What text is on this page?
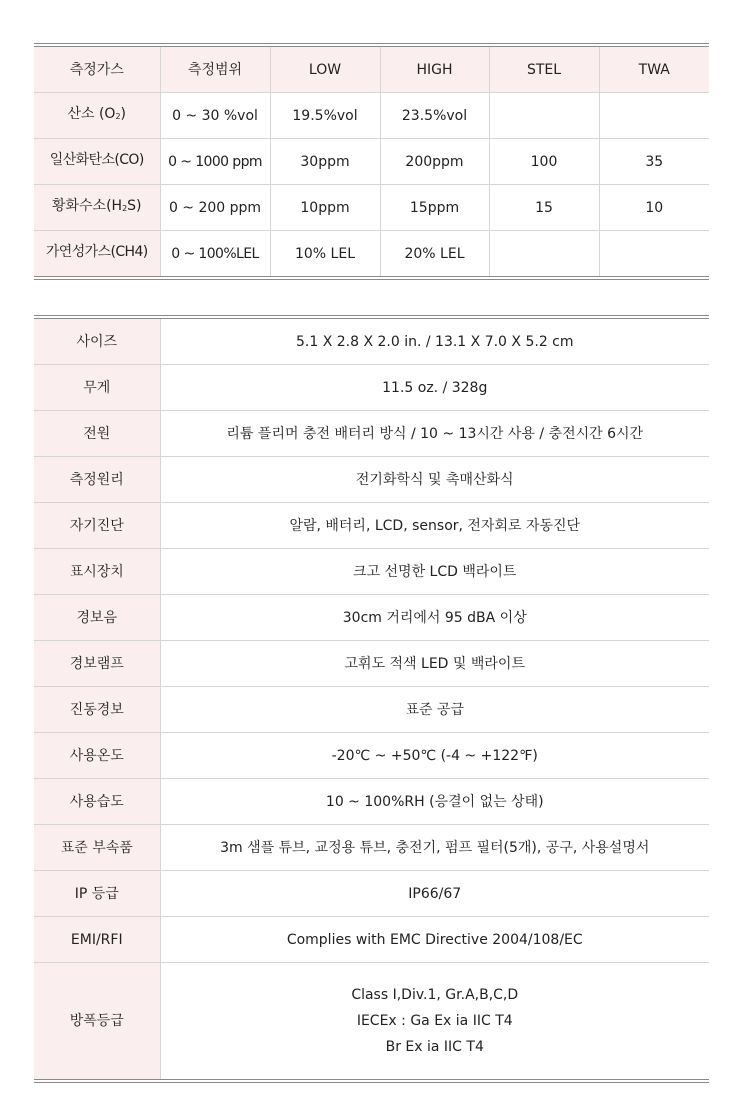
측정가스	측정범위	LOW	HIGH	STEL	TWA
산소 $(O_2)$	0 ~ 30 %vol	19.5%vol	23.5%vol		
일산화탄소(CO)	0 ~ 1000 ppm	30ppm	200ppm	100	35
황화수소$(H_2S)$	0 ~ 200 ppm	10ppm	15ppm	15	10
가연성가스(CH4)	0 ~ 100%LEL	10% LEL	20% LEL		
사이즈	5.1 X 2.8 X 2.0 in. / 13.1 X 7.0 X 5.2 cm
무게	11.5 oz. / 328g
전원	리튬 플리머 충전 배터리 방식 / 10 ~ 13시간 사용 / 충전시간 6시간
측정원리	전기화학식 및 촉매산화식
자기진단	알람, 배터리, LCD, sensor, 전자회로 자동진단
표시장치	크고 선명한 LCD 백라이트
경보음	30cm 거리에서 95 dBA 이상
경보램프	고휘도 적색 LED 및 백라이트
진동경보	표준 공급
사용온도	-20℃ ~ +50℃ (-4 ~ +122℉)
사용습도	10 ~ 100%RH (응결이 없는 상태)
표준 부속품	3m 샘플 튜브, 교정용 튜브, 충전기, 펌프 필터(5개), 공구, 사용설명서
IP 등급	IP66/67
EMI/RFI	Complies with EMC Directive 2004/108/EC
방폭등급	Class I,Div.1, Gr.A,B,C,D
IECEx : Ga Ex ia IIC T4
Br Ex ia IIC T4
